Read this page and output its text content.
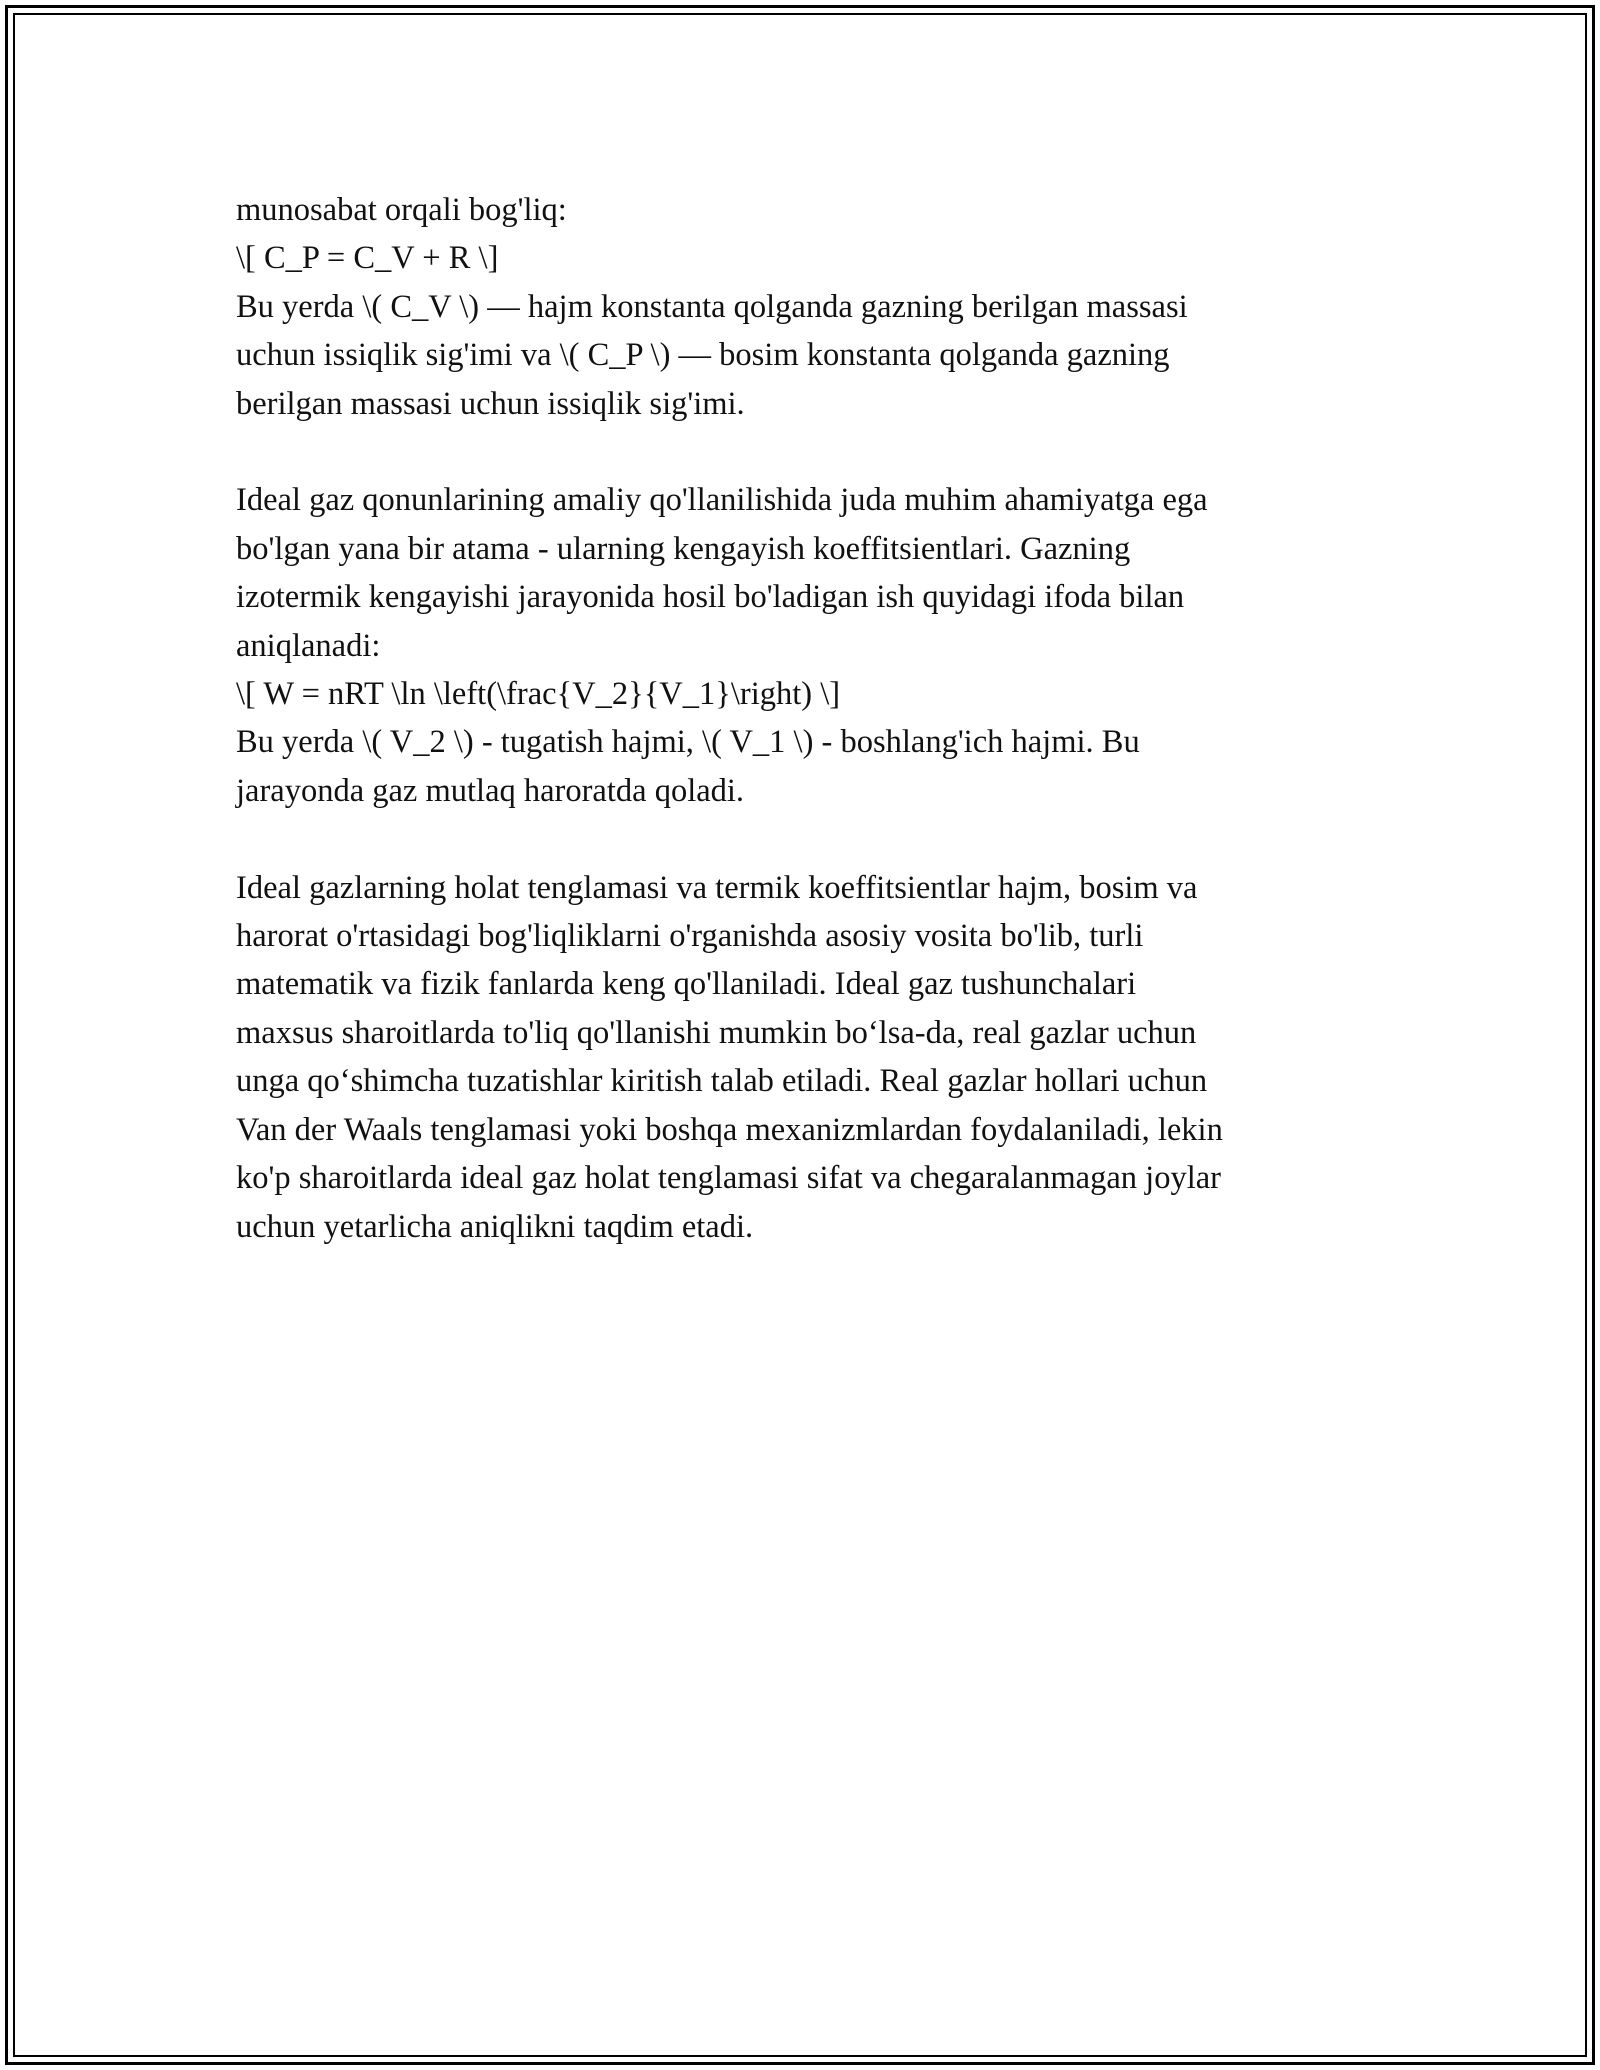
munosabat orqali bog'liq:
\[ C_P = C_V + R \]
Bu yerda \( C_V \) — hajm konstanta qolganda gazning berilgan massasi
uchun issiqlik sig'imi va \( C_P \) — bosim konstanta qolganda gazning
berilgan massasi uchun issiqlik sig'imi.

Ideal gaz qonunlarining amaliy qo'llanilishida juda muhim ahamiyatga ega
bo'lgan yana bir atama - ularning kengayish koeffitsientlari. Gazning
izotermik kengayishi jarayonida hosil bo'ladigan ish quyidagi ifoda bilan
aniqlanadi:
\[ W = nRT \ln \left(\frac{V_2}{V_1}\right) \]
Bu yerda \( V_2 \) - tugatish hajmi, \( V_1 \) - boshlang'ich hajmi. Bu
jarayonda gaz mutlaq haroratda qoladi.

Ideal gazlarning holat tenglamasi va termik koeffitsientlar hajm, bosim va
harorat o'rtasidagi bog'liqliklarni o'rganishda asosiy vosita bo'lib, turli
matematik va fizik fanlarda keng qo'llaniladi. Ideal gaz tushunchalari
maxsus sharoitlarda to'liq qo'llanishi mumkin bo‘lsa-da, real gazlar uchun
unga qo‘shimcha tuzatishlar kiritish talab etiladi. Real gazlar hollari uchun
Van der Waals tenglamasi yoki boshqa mexanizmlardan foydalaniladi, lekin
ko'p sharoitlarda ideal gaz holat tenglamasi sifat va chegaralanmagan joylar
uchun yetarlicha aniqlikni taqdim etadi.
